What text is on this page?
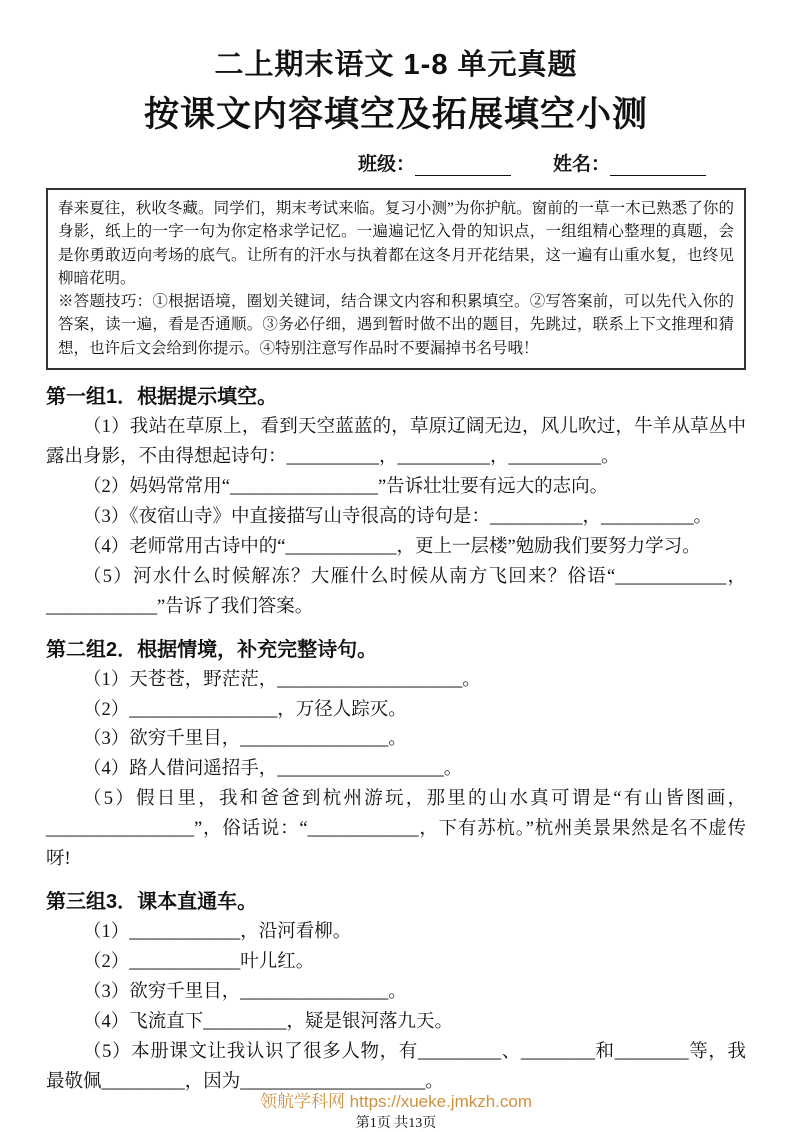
二上期末语文 1-8 单元真题
按课文内容填空及拓展填空小测
班级：	姓名：

春来夏往，秋收冬藏。同学们，期末考试来临。复习小测”为你护航。窗前的一草一木已熟悉了你的身影，纸上的一字一句为你定格求学记忆。一遍遍记忆入骨的知识点，一组组精心整理的真题，会是你勇敢迈向考场的底气。让所有的汗水与执着都在这冬月开花结果，这一遍有山重水复，也终见柳暗花明。

※答题技巧：①根据语境，圈划关键词，结合课文内容和积累填空。②写答案前，可以先代入你的答案，读一遍，看是否通顺。③务必仔细，遇到暂时做不出的题目，先跳过，联系上下文推理和猜想，也许后文会给到你提示。④特别注意写作品时不要漏掉书名号哦！

第一组1．根据提示填空。

（1）我站在草原上，看到天空蓝蓝的，草原辽阔无边，风儿吹过，牛羊从草丛中露出身影，不由得想起诗句：__________，__________，__________。

（2）妈妈常常用“________________”告诉壮壮要有远大的志向。

（3）《夜宿山寺》中直接描写山寺很高的诗句是：__________，__________。

（4）老师常用古诗中的“____________，更上一层楼”勉励我们要努力学习。

（5）河水什么时候解冻？大雁什么时候从南方飞回来？俗语“____________，____________”告诉了我们答案。

第二组2．根据情境，补充完整诗句。

（1）天苍苍，野茫茫，____________________。

（2）________________，万径人踪灭。

（3）欲穷千里目，________________。

（4）路人借问遥招手，__________________。

（5）假日里，我和爸爸到杭州游玩，那里的山水真可谓是“有山皆图画，________________”，俗话说：“____________，下有苏杭。”杭州美景果然是名不虚传呀!

第三组3．课本直通车。

（1）____________，沿河看柳。

（2）____________叶儿红。

（3）欲穷千里目，________________。

（4）飞流直下_________，疑是银河落九天。

（5）本册课文让我认识了很多人物，有_________、________和________等，我最敬佩_________，因为____________________。

第1页 共13页
领航学科网 https://xueke.jmkzh.com
